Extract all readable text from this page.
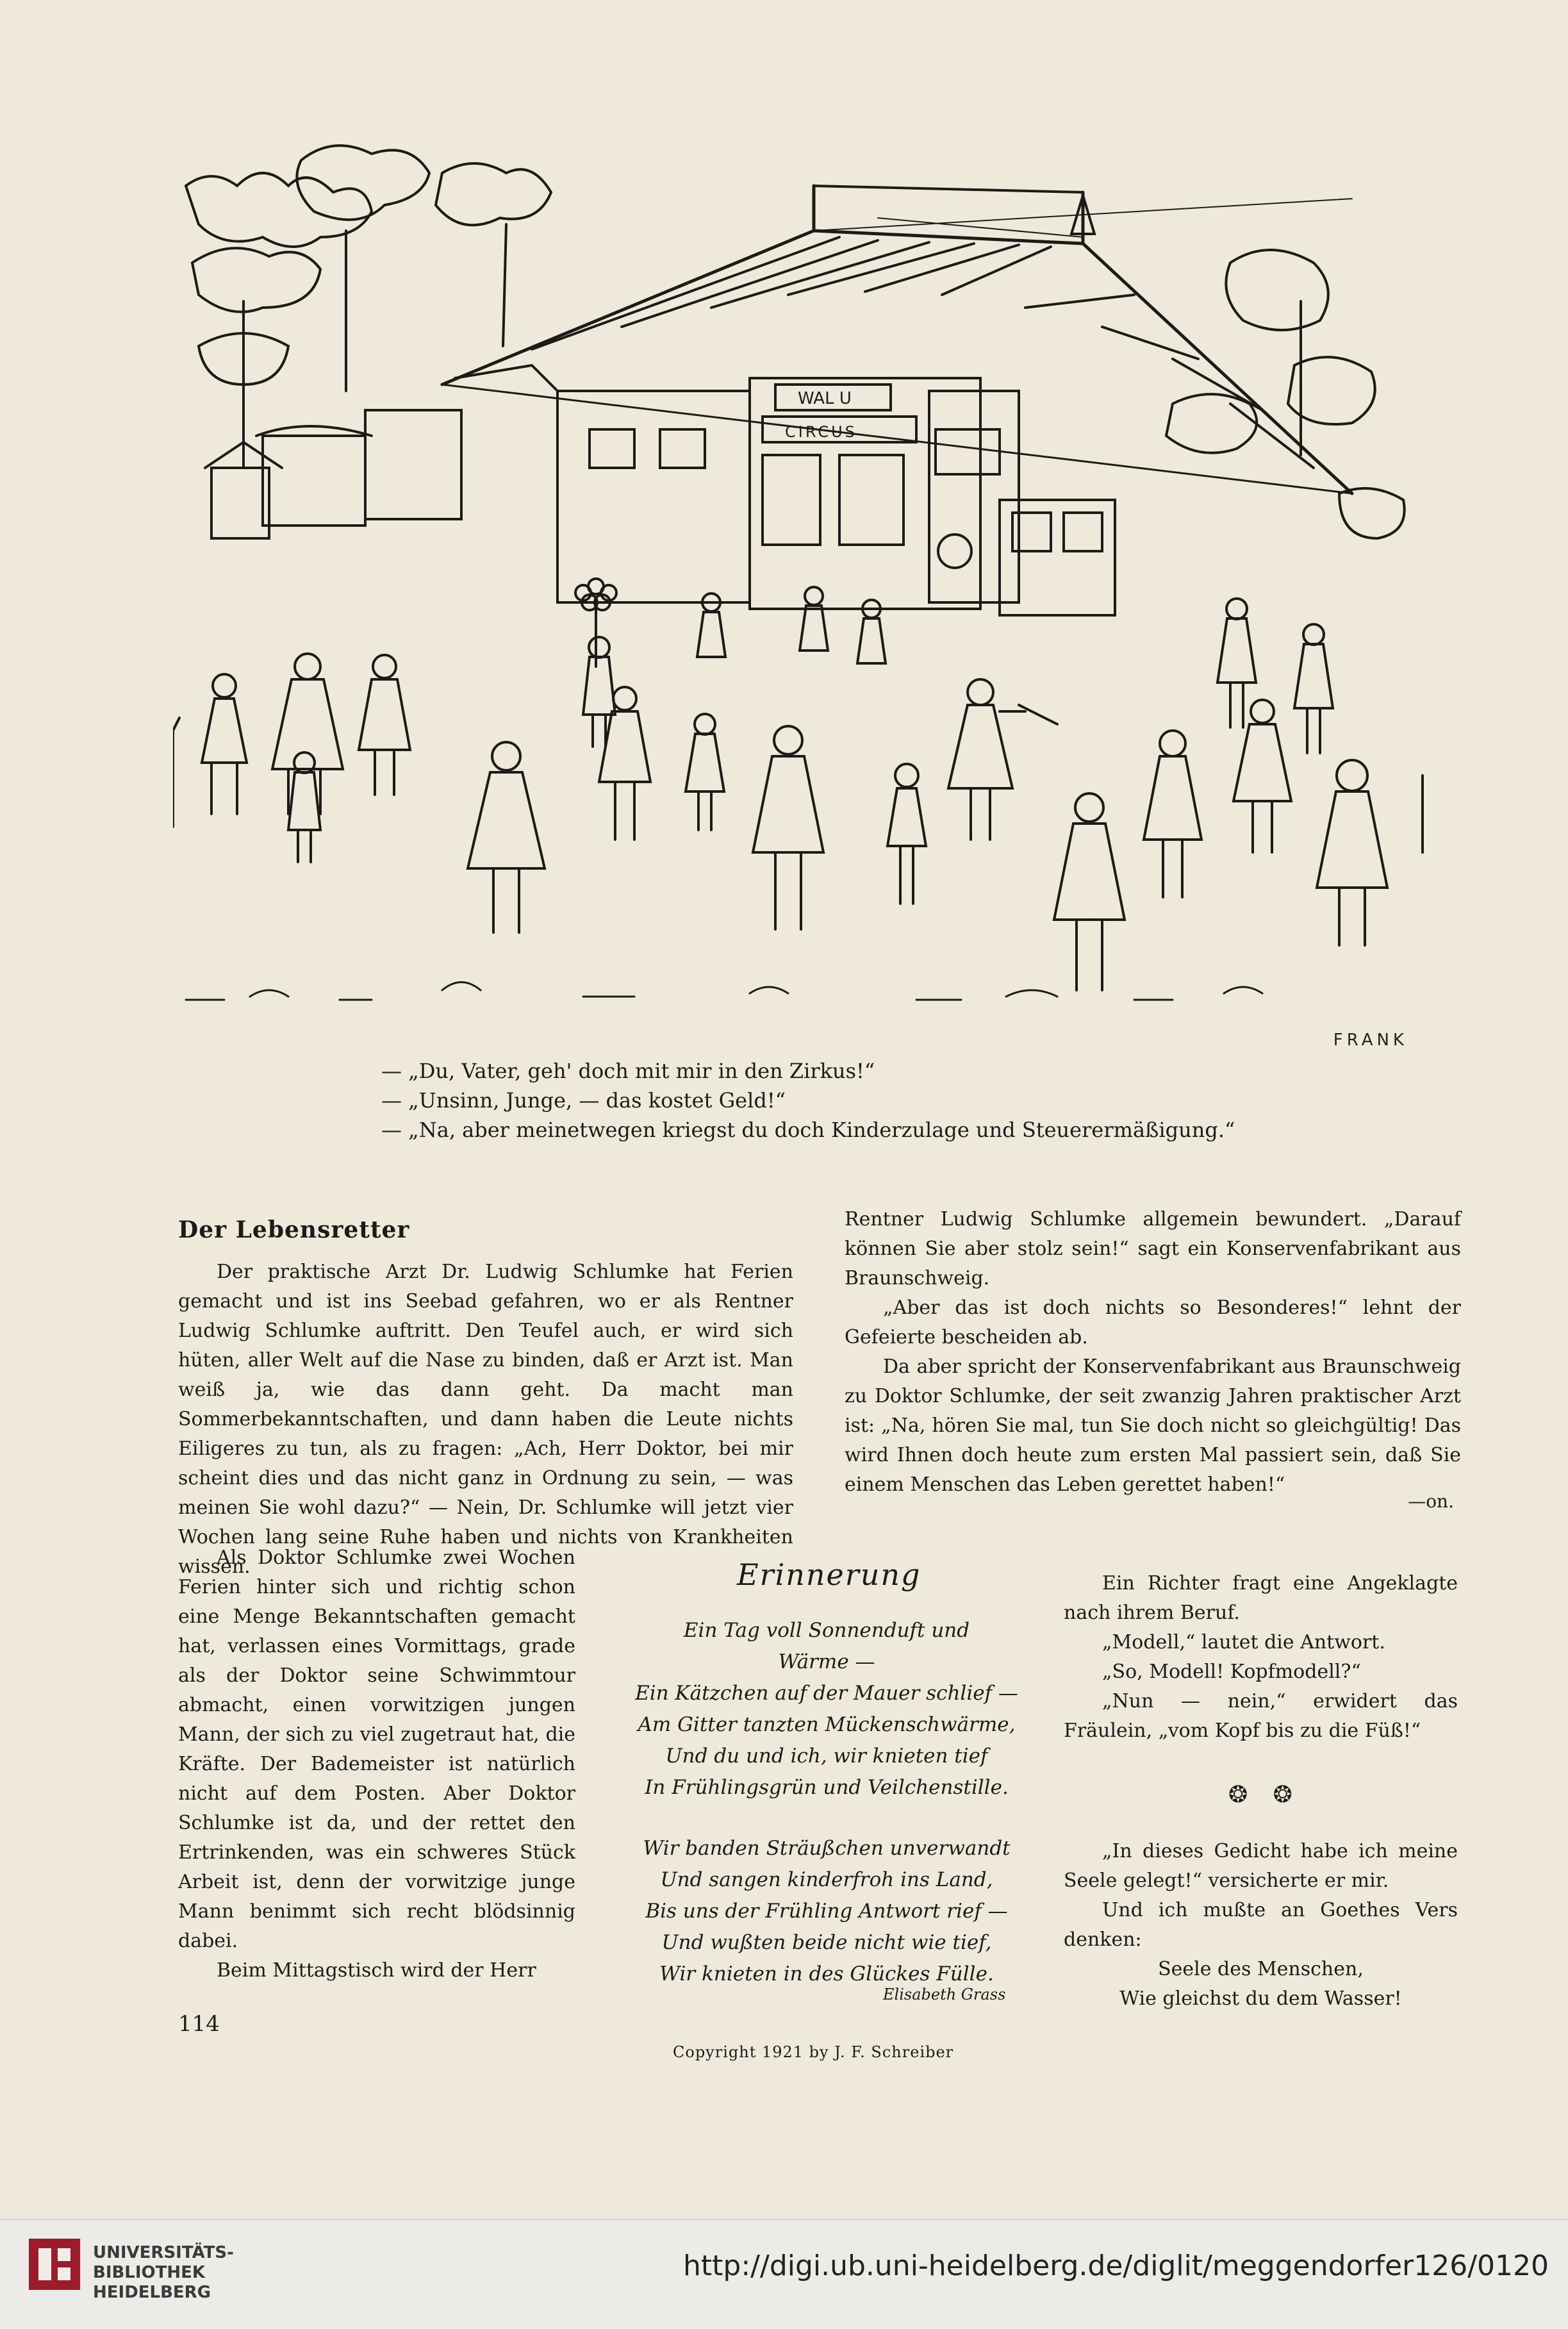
WAL U
CIRCUS
FRANK
— „Du, Vater, geh' doch mit mir in den Zirkus!“
— „Unsinn, Junge, — das kostet Geld!“
— „Na, aber meinetwegen kriegst du doch Kinderzulage und Steuerermäßigung.“
Der Lebensretter

Der praktische Arzt Dr. Ludwig Schlumke hat Ferien gemacht und ist ins Seebad gefahren, wo er als Rentner Ludwig Schlumke auftritt. Den Teufel auch, er wird sich hüten, aller Welt auf die Nase zu binden, daß er Arzt ist. Man weiß ja, wie das dann geht. Da macht man Sommerbekanntschaften, und dann haben die Leute nichts Eiligeres zu tun, als zu fragen: „Ach, Herr Doktor, bei mir scheint dies und das nicht ganz in Ordnung zu sein, — was meinen Sie wohl dazu?“ — Nein, Dr. Schlumke will jetzt vier Wochen lang seine Ruhe haben und nichts von Krankheiten wissen.

Als Doktor Schlumke zwei Wochen Ferien hinter sich und richtig schon eine Menge Bekanntschaften gemacht hat, verlassen eines Vormittags, grade als der Doktor seine Schwimmtour abmacht, einen vorwitzigen jungen Mann, der sich zu viel zugetraut hat, die Kräfte. Der Bademeister ist natürlich nicht auf dem Posten. Aber Doktor Schlumke ist da, und der rettet den Ertrinkenden, was ein schweres Stück Arbeit ist, denn der vorwitzige junge Mann benimmt sich recht blödsinnig dabei.

Beim Mittagstisch wird der Herr

Rentner Ludwig Schlumke allgemein bewundert. „Darauf können Sie aber stolz sein!“ sagt ein Konservenfabrikant aus Braunschweig.

„Aber das ist doch nichts so Besonderes!“ lehnt der Gefeierte bescheiden ab.

Da aber spricht der Konservenfabrikant aus Braunschweig zu Doktor Schlumke, der seit zwanzig Jahren praktischer Arzt ist: „Na, hören Sie mal, tun Sie doch nicht so gleichgültig! Das wird Ihnen doch heute zum ersten Mal passiert sein, daß Sie einem Menschen das Leben gerettet haben!“

—on.
Erinnerung
Ein Tag voll Sonnenduft und
Wärme —
Ein Kätzchen auf der Mauer schlief —
Am Gitter tanzten Mückenschwärme,
Und du und ich, wir knieten tief
In Frühlingsgrün und Veilchenstille.
Wir banden Sträußchen unverwandt
Und sangen kinderfroh ins Land,
Bis uns der Frühling Antwort rief —
Und wußten beide nicht wie tief,
Wir knieten in des Glückes Fülle.
Elisabeth Grass

Ein Richter fragt eine Angeklagte nach ihrem Beruf.

„Modell,“ lautet die Antwort.

„So, Modell! Kopfmodell?“

„Nun — nein,“ erwidert das Fräulein, „vom Kopf bis zu die Füß!“

❂ ❂

„In dieses Gedicht habe ich meine Seele gelegt!“ versicherte er mir.

Und ich mußte an Goethes Vers denken:

Seele des Menschen,

Wie gleichst du dem Wasser!

114
Copyright 1921 by J. F. Schreiber
UNIVERSITÄTS-
BIBLIOTHEK
HEIDELBERG
http://digi.ub.uni-heidelberg.de/diglit/meggendorfer126/0120
